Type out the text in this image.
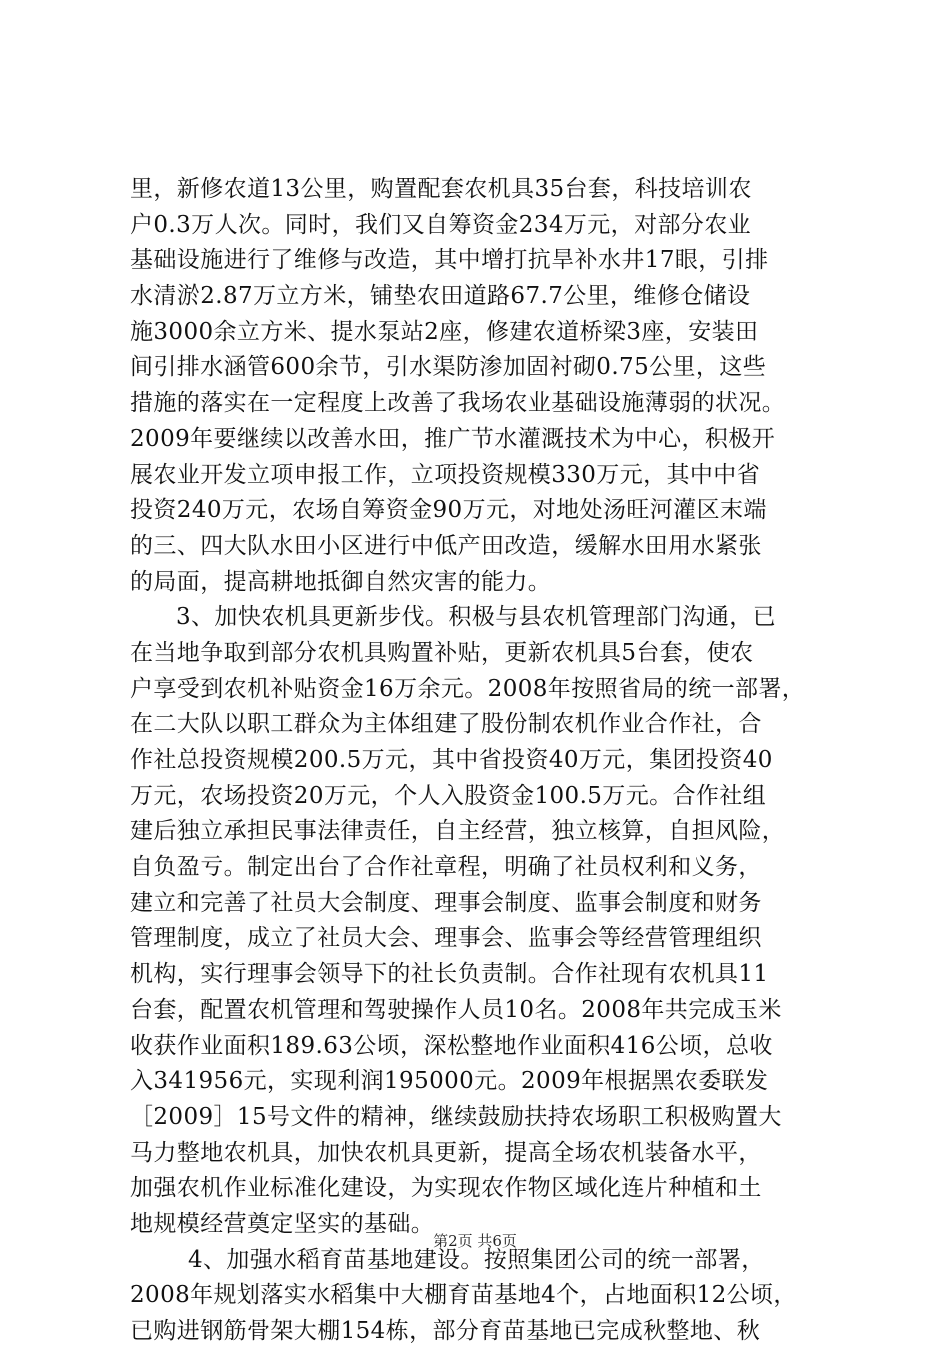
里，新修农道13公里，购置配套农机具35台套，科技培训农
户0.3万人次。同时，我们又自筹资金234万元，对部分农业
基础设施进行了维修与改造，其中增打抗旱补水井17眼，引排
水清淤2.87万立方米，铺垫农田道路67.7公里，维修仓储设
施3000余立方米、提水泵站2座，修建农道桥梁3座，安装田
间引排水涵管600余节，引水渠防渗加固衬砌0.75公里，这些
措施的落实在一定程度上改善了我场农业基础设施薄弱的状况。
2009年要继续以改善水田，推广节水灌溉技术为中心，积极开
展农业开发立项申报工作，立项投资规模330万元，其中中省
投资240万元，农场自筹资金90万元，对地处汤旺河灌区末端
的三、四大队水田小区进行中低产田改造，缓解水田用水紧张
的局面，提高耕地抵御自然灾害的能力。
3、加快农机具更新步伐。积极与县农机管理部门沟通，已
在当地争取到部分农机具购置补贴，更新农机具5台套，使农
户享受到农机补贴资金16万余元。2008年按照省局的统一部署，
在二大队以职工群众为主体组建了股份制农机作业合作社，合
作社总投资规模200.5万元，其中省投资40万元，集团投资40
万元，农场投资20万元，个人入股资金100.5万元。合作社组
建后独立承担民事法律责任，自主经营，独立核算，自担风险，
自负盈亏。制定出台了合作社章程，明确了社员权利和义务，
建立和完善了社员大会制度、理事会制度、监事会制度和财务
管理制度，成立了社员大会、理事会、监事会等经营管理组织
机构，实行理事会领导下的社长负责制。合作社现有农机具11
台套，配置农机管理和驾驶操作人员10名。2008年共完成玉米
收获作业面积189.63公顷，深松整地作业面积416公顷，总收
入341956元，实现利润195000元。2009年根据黑农委联发
［2009］15号文件的精神，继续鼓励扶持农场职工积极购置大
马力整地农机具，加快农机具更新，提高全场农机装备水平，
加强农机作业标准化建设，为实现农作物区域化连片种植和土
地规模经营奠定坚实的基础。
4、加强水稻育苗基地建设。按照集团公司的统一部署，
2008年规划落实水稻集中大棚育苗基地4个，占地面积12公顷，
已购进钢筋骨架大棚154栋，部分育苗基地已完成秋整地、秋
第2页 共6页
